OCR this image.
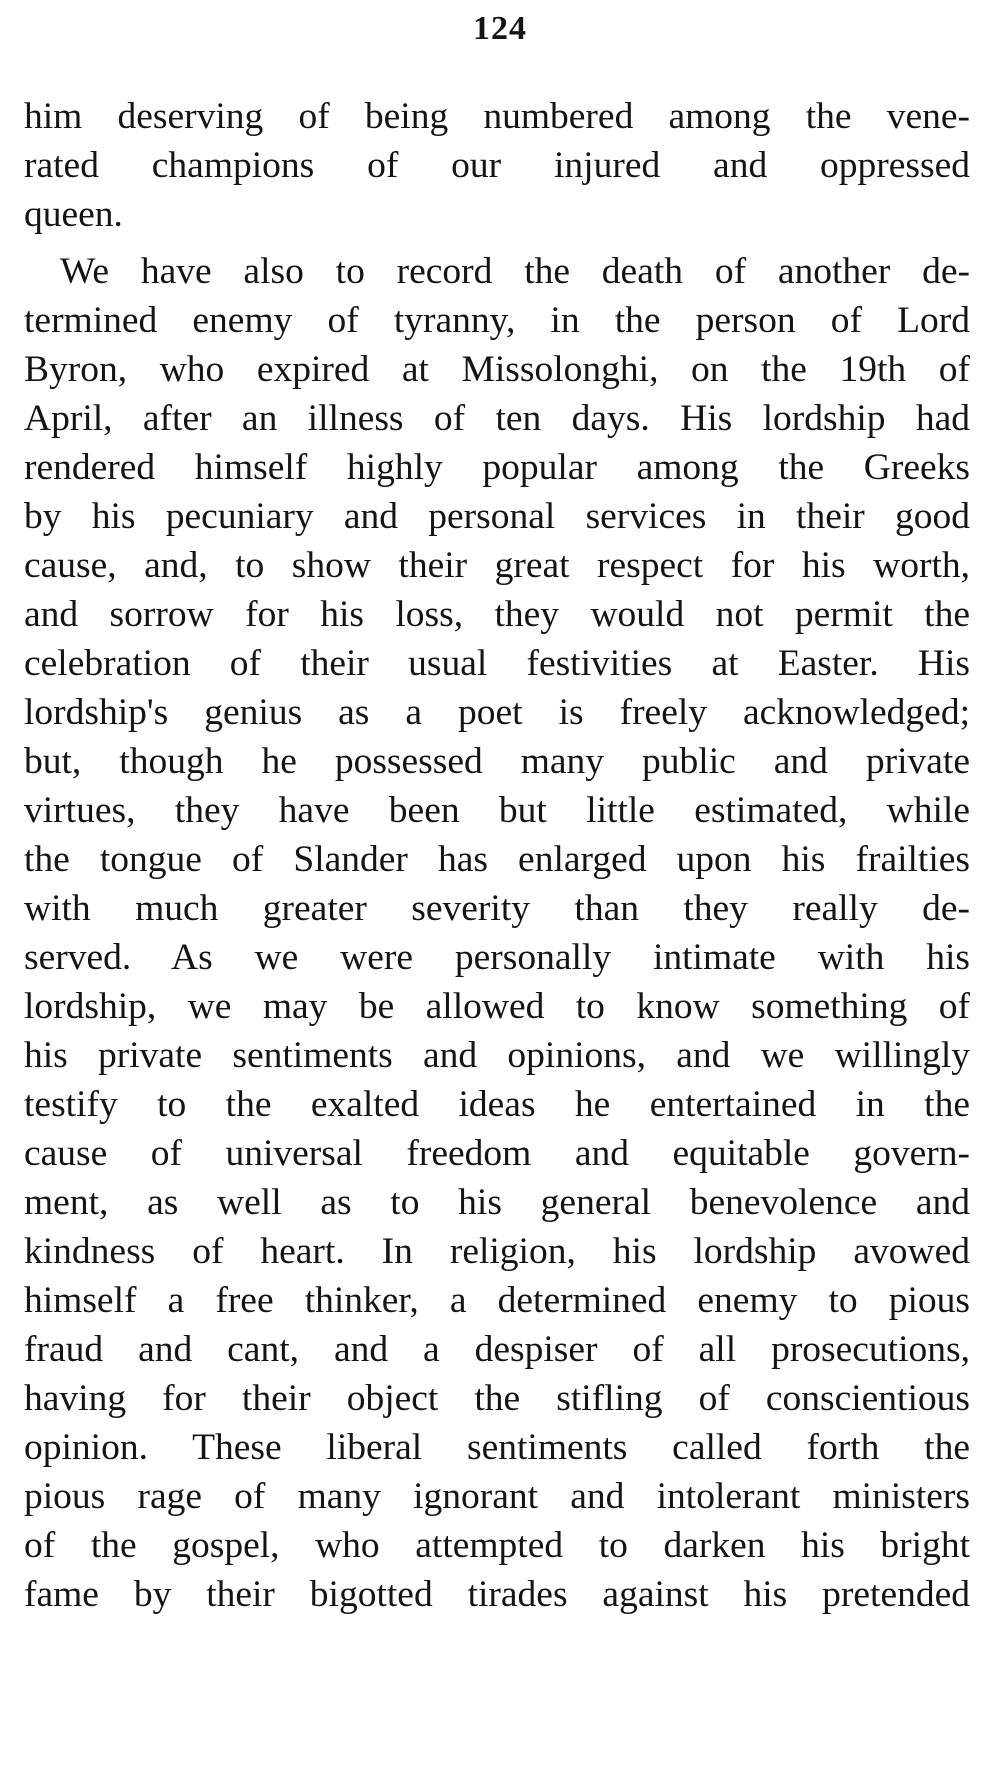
124
him deserving of being numbered among the vene-
rated champions of our injured and oppressed
queen.
We have also to record the death of another de-
termined enemy of tyranny, in the person of Lord
Byron, who expired at Missolonghi, on the 19th of
April, after an illness of ten days. His lordship had
rendered himself highly popular among the Greeks
by his pecuniary and personal services in their good
cause, and, to show their great respect for his worth,
and sorrow for his loss, they would not permit the
celebration of their usual festivities at Easter. His
lordship's genius as a poet is freely acknowledged;
but, though he possessed many public and private
virtues, they have been but little estimated, while
the tongue of Slander has enlarged upon his frailties
with much greater severity than they really de-
served. As we were personally intimate with his
lordship, we may be allowed to know something of
his private sentiments and opinions, and we willingly
testify to the exalted ideas he entertained in the
cause of universal freedom and equitable govern-
ment, as well as to his general benevolence and
kindness of heart. In religion, his lordship avowed
himself a free thinker, a determined enemy to pious
fraud and cant, and a despiser of all prosecutions,
having for their object the stifling of conscientious
opinion. These liberal sentiments called forth the
pious rage of many ignorant and intolerant ministers
of the gospel, who attempted to darken his bright
fame by their bigotted tirades against his pretended
